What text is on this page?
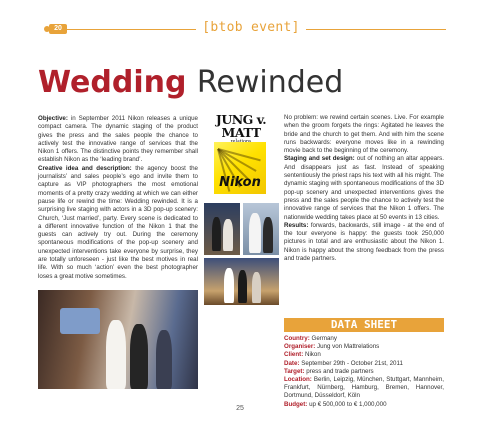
20	[btob event]
Wedding Rewinded

Objective: in September 2011 Nikon releases a unique compact camera. The dynamic staging of the product gives the press and the sales people the chance to actively test the innovative range of services that the Nikon 1 offers. The distinctive points they remember shall establish Nikon as the ‘leading brand’.

Creative idea and description: the agency boost the journalists’ and sales people’s ego and invite them to capture as VIP photographers the most emotional moments of a pretty crazy wedding at which we can either pause life or rewind the time: Wedding rewinded. It is a surprising live staging with actors in a 3D pop-up scenery: Church, ‘Just married’, party. Every scene is dedicated to a different innovative function of the Nikon 1 that the guests can actively try out. During the ceremony spontaneous modifications of the pop-up scenery and unexpected interventions take everyone by surprise, they are totally unforeseen - just like the best motives in real life. With so much ‘action’ even the best photographer loses a great motive sometimes.

JUNG v. MATT
Nikon

No problem: we rewind certain scenes. Live. For example when the groom forgets the rings: Agitated he leaves the bride and the church to get them. And with him the scene runs backwards: everyone moves like in a rewinding movie back to the beginning of the ceremony.

Staging and set design: out of nothing an altar appears. And disappears just as fast. Instead of speaking sententiously the priest raps his text with all his might. The dynamic staging with spontaneous modifications of the 3D pop-up scenery and unexpected interventions gives the press and the sales people the chance to actively test the innovative range of services that the Nikon 1 offers. The nationwide wedding takes place at 50 events in 13 cities.

Results: forwards, backwards, still image - at the end of the tour everyone is happy: the guests took 250,000 pictures in total and are enthusiastic about the Nikon 1. Nikon is happy about the strong feedback from the press and trade partners.

DATA SHEET
Country: Germany
Organiser: Jung von Mattrelations
Client: Nikon
Date: September 29th - October 21st, 2011
Target: press and trade partners
Location: Berlin, Leipzig, München, Stuttgart, Mannheim, Frankfurt, Nürnberg, Hamburg, Bremen, Hannover, Dortmund, Düsseldorf, Köln
Budget: up € 500,000 to € 1,000,000
25
